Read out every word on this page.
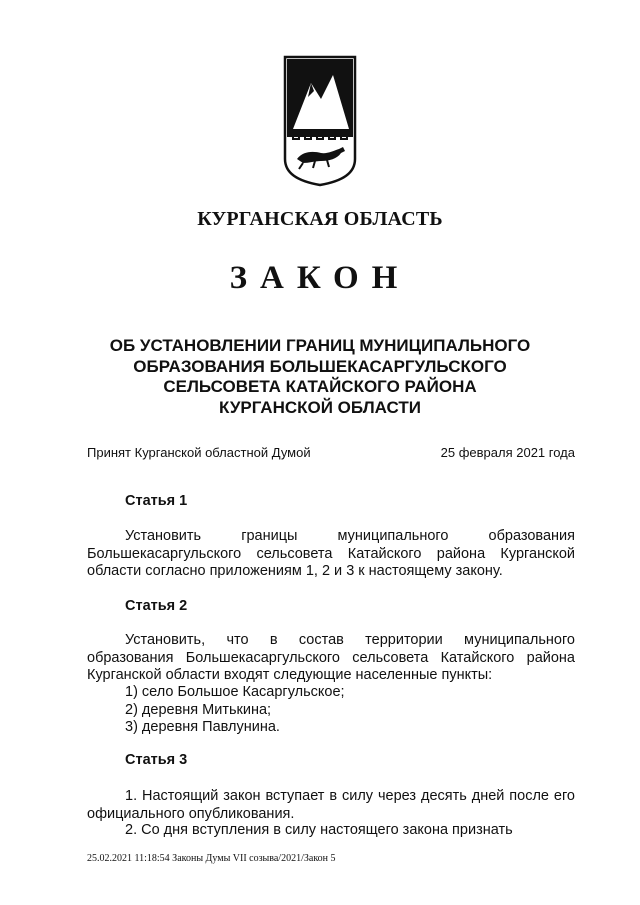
КУРГАНСКАЯ ОБЛАСТЬ
ЗАКОН
ОБ УСТАНОВЛЕНИИ ГРАНИЦ МУНИЦИПАЛЬНОГО
ОБРАЗОВАНИЯ БОЛЬШЕКАСАРГУЛЬСКОГО
СЕЛЬСОВЕТА КАТАЙСКОГО РАЙОНА
КУРГАНСКОЙ ОБЛАСТИ
Принят Курганской областной Думой	25 февраля 2021 года
Статья 1
Установить границы муниципального образования Большекасаргульского сельсовета Катайского района Курганской области согласно приложениям 1, 2 и 3 к настоящему закону.
Статья 2
Установить, что в состав территории муниципального образования Большекасаргульского сельсовета Катайского района Курганской области входят следующие населенные пункты:
1) село Большое Касаргульское;
2) деревня Митькина;
3) деревня Павлунина.
Статья 3
1. Настоящий закон вступает в силу через десять дней после его официального опубликования.
2. Со дня вступления в силу настоящего закона признать
25.02.2021 11:18:54 Законы Думы VII созыва/2021/Закон 5
